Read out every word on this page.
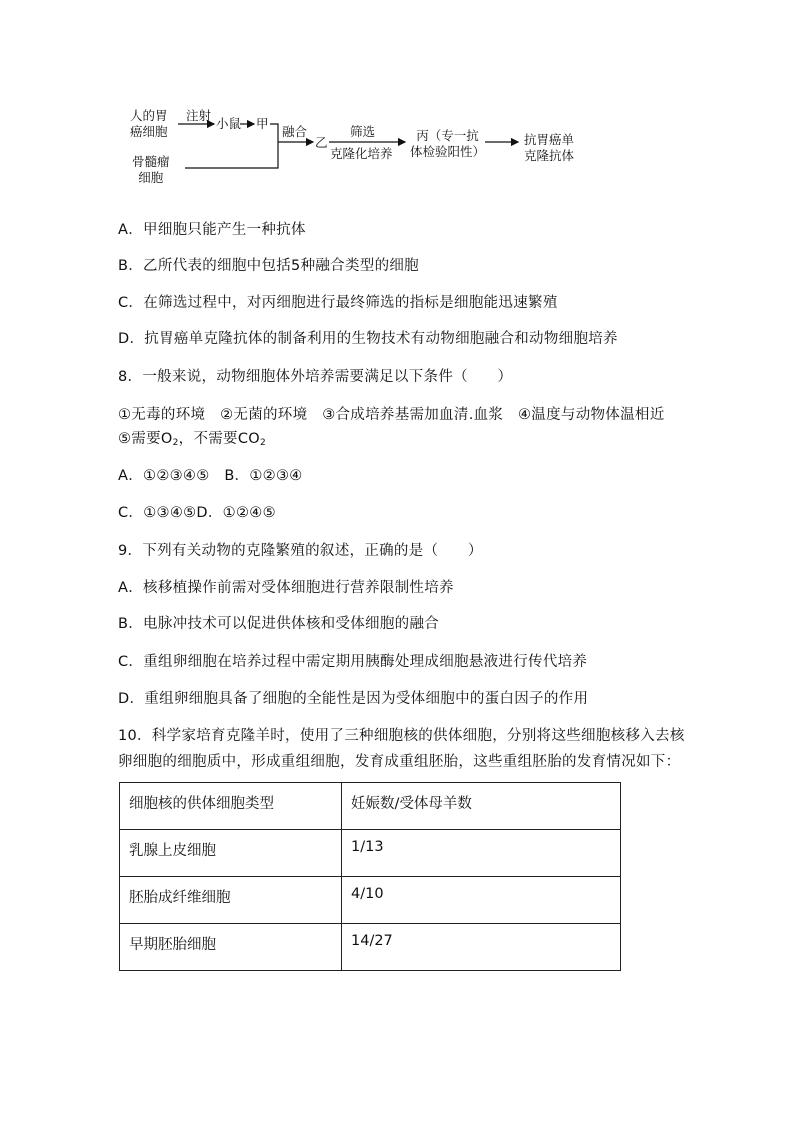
人的胃
癌细胞
注射
小鼠 甲
骨髓瘤
细胞
融合
乙
筛选
克隆化培养
丙（专一抗
体检验阳性）
抗胃癌单
克隆抗体
A．甲细胞只能产生一种抗体
B．乙所代表的细胞中包括5种融合类型的细胞
C．在筛选过程中，对丙细胞进行最终筛选的指标是细胞能迅速繁殖
D．抗胃癌单克隆抗体的制备利用的生物技术有动物细胞融合和动物细胞培养
8．一般来说，动物细胞体外培养需要满足以下条件（　　）
①无毒的环境　②无菌的环境　③合成培养基需加血清.血浆　④温度与动物体温相近
⑤需要$O_2$，不需要$CO_2$
A．①②③④⑤　B．①②③④
C．①③④⑤D．①②④⑤
9．下列有关动物的克隆繁殖的叙述，正确的是（　　）
A．核移植操作前需对受体细胞进行营养限制性培养
B．电脉冲技术可以促进供体核和受体细胞的融合
C．重组卵细胞在培养过程中需定期用胰酶处理成细胞悬液进行传代培养
D．重组卵细胞具备了细胞的全能性是因为受体细胞中的蛋白因子的作用
10．科学家培育克隆羊时，使用了三种细胞核的供体细胞，分别将这些细胞核移入去核
卵细胞的细胞质中，形成重组细胞，发育成重组胚胎，这些重组胚胎的发育情况如下：
细胞核的供体细胞类型	妊娠数/受体母羊数
乳腺上皮细胞	1/13
胚胎成纤维细胞	4/10
早期胚胎细胞	14/27
